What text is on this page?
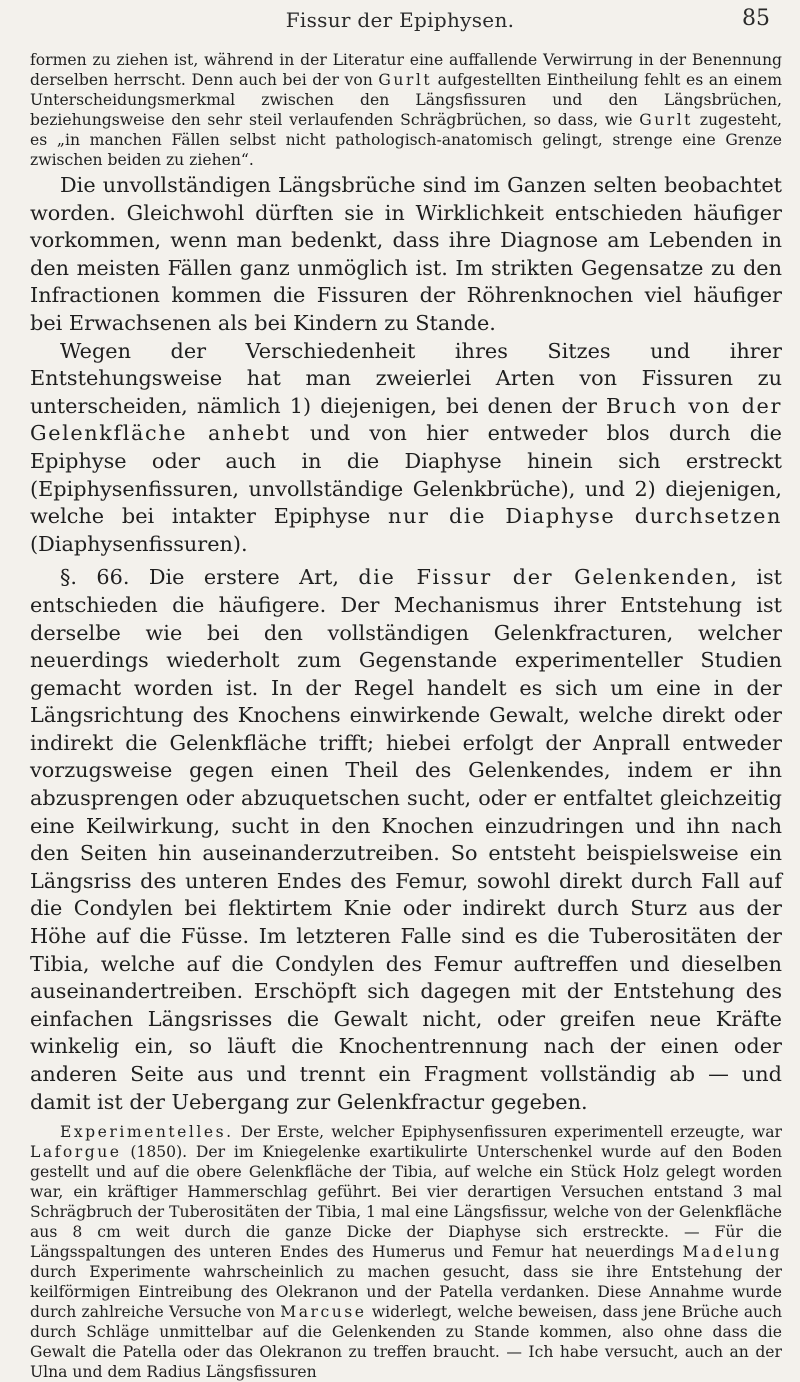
Fissur der Epiphysen.	85

formen zu ziehen ist, während in der Literatur eine auffallende Verwirrung in der Benennung derselben herrscht. Denn auch bei der von Gurlt aufgestellten Eintheilung fehlt es an einem Unterscheidungsmerkmal zwischen den Längsfissuren und den Längsbrüchen, beziehungsweise den sehr steil verlaufenden Schrägbrüchen, so dass, wie Gurlt zugesteht, es „in manchen Fällen selbst nicht pathologisch-anatomisch gelingt, strenge eine Grenze zwischen beiden zu ziehen“.

Die unvollständigen Längsbrüche sind im Ganzen selten beobachtet worden. Gleichwohl dürften sie in Wirklichkeit entschieden häufiger vorkommen, wenn man bedenkt, dass ihre Diagnose am Lebenden in den meisten Fällen ganz unmöglich ist. Im strikten Gegensatze zu den Infractionen kommen die Fissuren der Röhrenknochen viel häufiger bei Erwachsenen als bei Kindern zu Stande.

Wegen der Verschiedenheit ihres Sitzes und ihrer Entstehungsweise hat man zweierlei Arten von Fissuren zu unterscheiden, nämlich 1) diejenigen, bei denen der Bruch von der Gelenkfläche anhebt und von hier entweder blos durch die Epiphyse oder auch in die Diaphyse hinein sich erstreckt (Epiphysenfissuren, unvollständige Gelenkbrüche), und 2) diejenigen, welche bei intakter Epiphyse nur die Diaphyse durchsetzen (Diaphysenfissuren).

§. 66. Die erstere Art, die Fissur der Gelenkenden, ist entschieden die häufigere. Der Mechanismus ihrer Entstehung ist derselbe wie bei den vollständigen Gelenkfracturen, welcher neuerdings wiederholt zum Gegenstande experimenteller Studien gemacht worden ist. In der Regel handelt es sich um eine in der Längsrichtung des Knochens einwirkende Gewalt, welche direkt oder indirekt die Gelenkfläche trifft; hiebei erfolgt der Anprall entweder vorzugsweise gegen einen Theil des Gelenkendes, indem er ihn abzusprengen oder abzuquetschen sucht, oder er entfaltet gleichzeitig eine Keilwirkung, sucht in den Knochen einzudringen und ihn nach den Seiten hin auseinanderzutreiben. So entsteht beispielsweise ein Längsriss des unteren Endes des Femur, sowohl direkt durch Fall auf die Condylen bei flektirtem Knie oder indirekt durch Sturz aus der Höhe auf die Füsse. Im letzteren Falle sind es die Tuberositäten der Tibia, welche auf die Condylen des Femur auftreffen und dieselben auseinandertreiben. Erschöpft sich dagegen mit der Entstehung des einfachen Längsrisses die Gewalt nicht, oder greifen neue Kräfte winkelig ein, so läuft die Knochentrennung nach der einen oder anderen Seite aus und trennt ein Fragment vollständig ab — und damit ist der Uebergang zur Gelenkfractur gegeben.

Experimentelles. Der Erste, welcher Epiphysenfissuren experimentell erzeugte, war Laforgue (1850). Der im Kniegelenke exartikulirte Unterschenkel wurde auf den Boden gestellt und auf die obere Gelenkfläche der Tibia, auf welche ein Stück Holz gelegt worden war, ein kräftiger Hammerschlag geführt. Bei vier derartigen Versuchen entstand 3 mal Schrägbruch der Tuberositäten der Tibia, 1 mal eine Längsfissur, welche von der Gelenkfläche aus 8 cm weit durch die ganze Dicke der Diaphyse sich erstreckte. — Für die Längsspaltungen des unteren Endes des Humerus und Femur hat neuerdings Madelung durch Experimente wahrscheinlich zu machen gesucht, dass sie ihre Entstehung der keilförmigen Eintreibung des Olekranon und der Patella verdanken. Diese Annahme wurde durch zahlreiche Versuche von Marcuse widerlegt, welche beweisen, dass jene Brüche auch durch Schläge unmittelbar auf die Gelenkenden zu Stande kommen, also ohne dass die Gewalt die Patella oder das Olekranon zu treffen braucht. — Ich habe versucht, auch an der Ulna und dem Radius Längsfissuren
